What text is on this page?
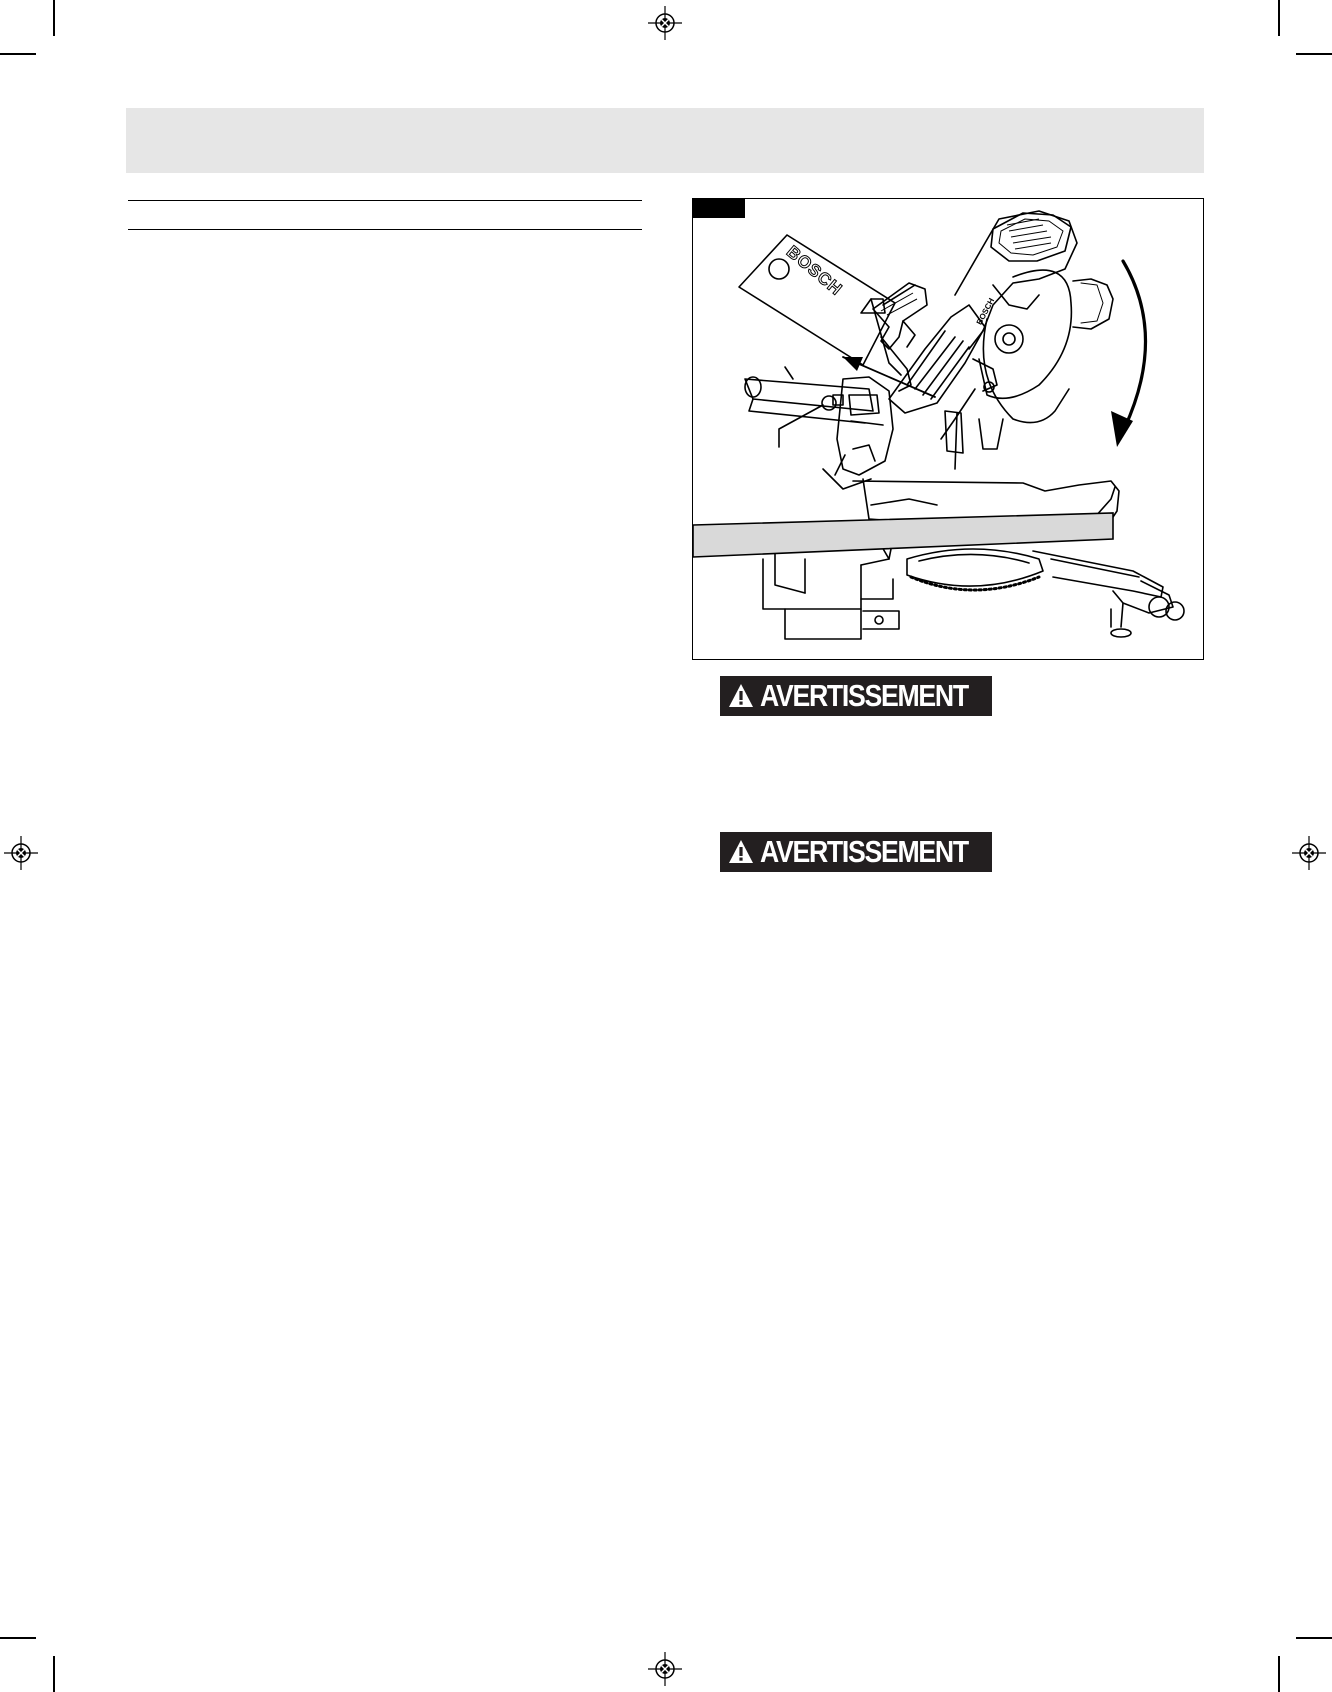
BOSCH
BOSCH
AVERTISSEMENT
AVERTISSEMENT
